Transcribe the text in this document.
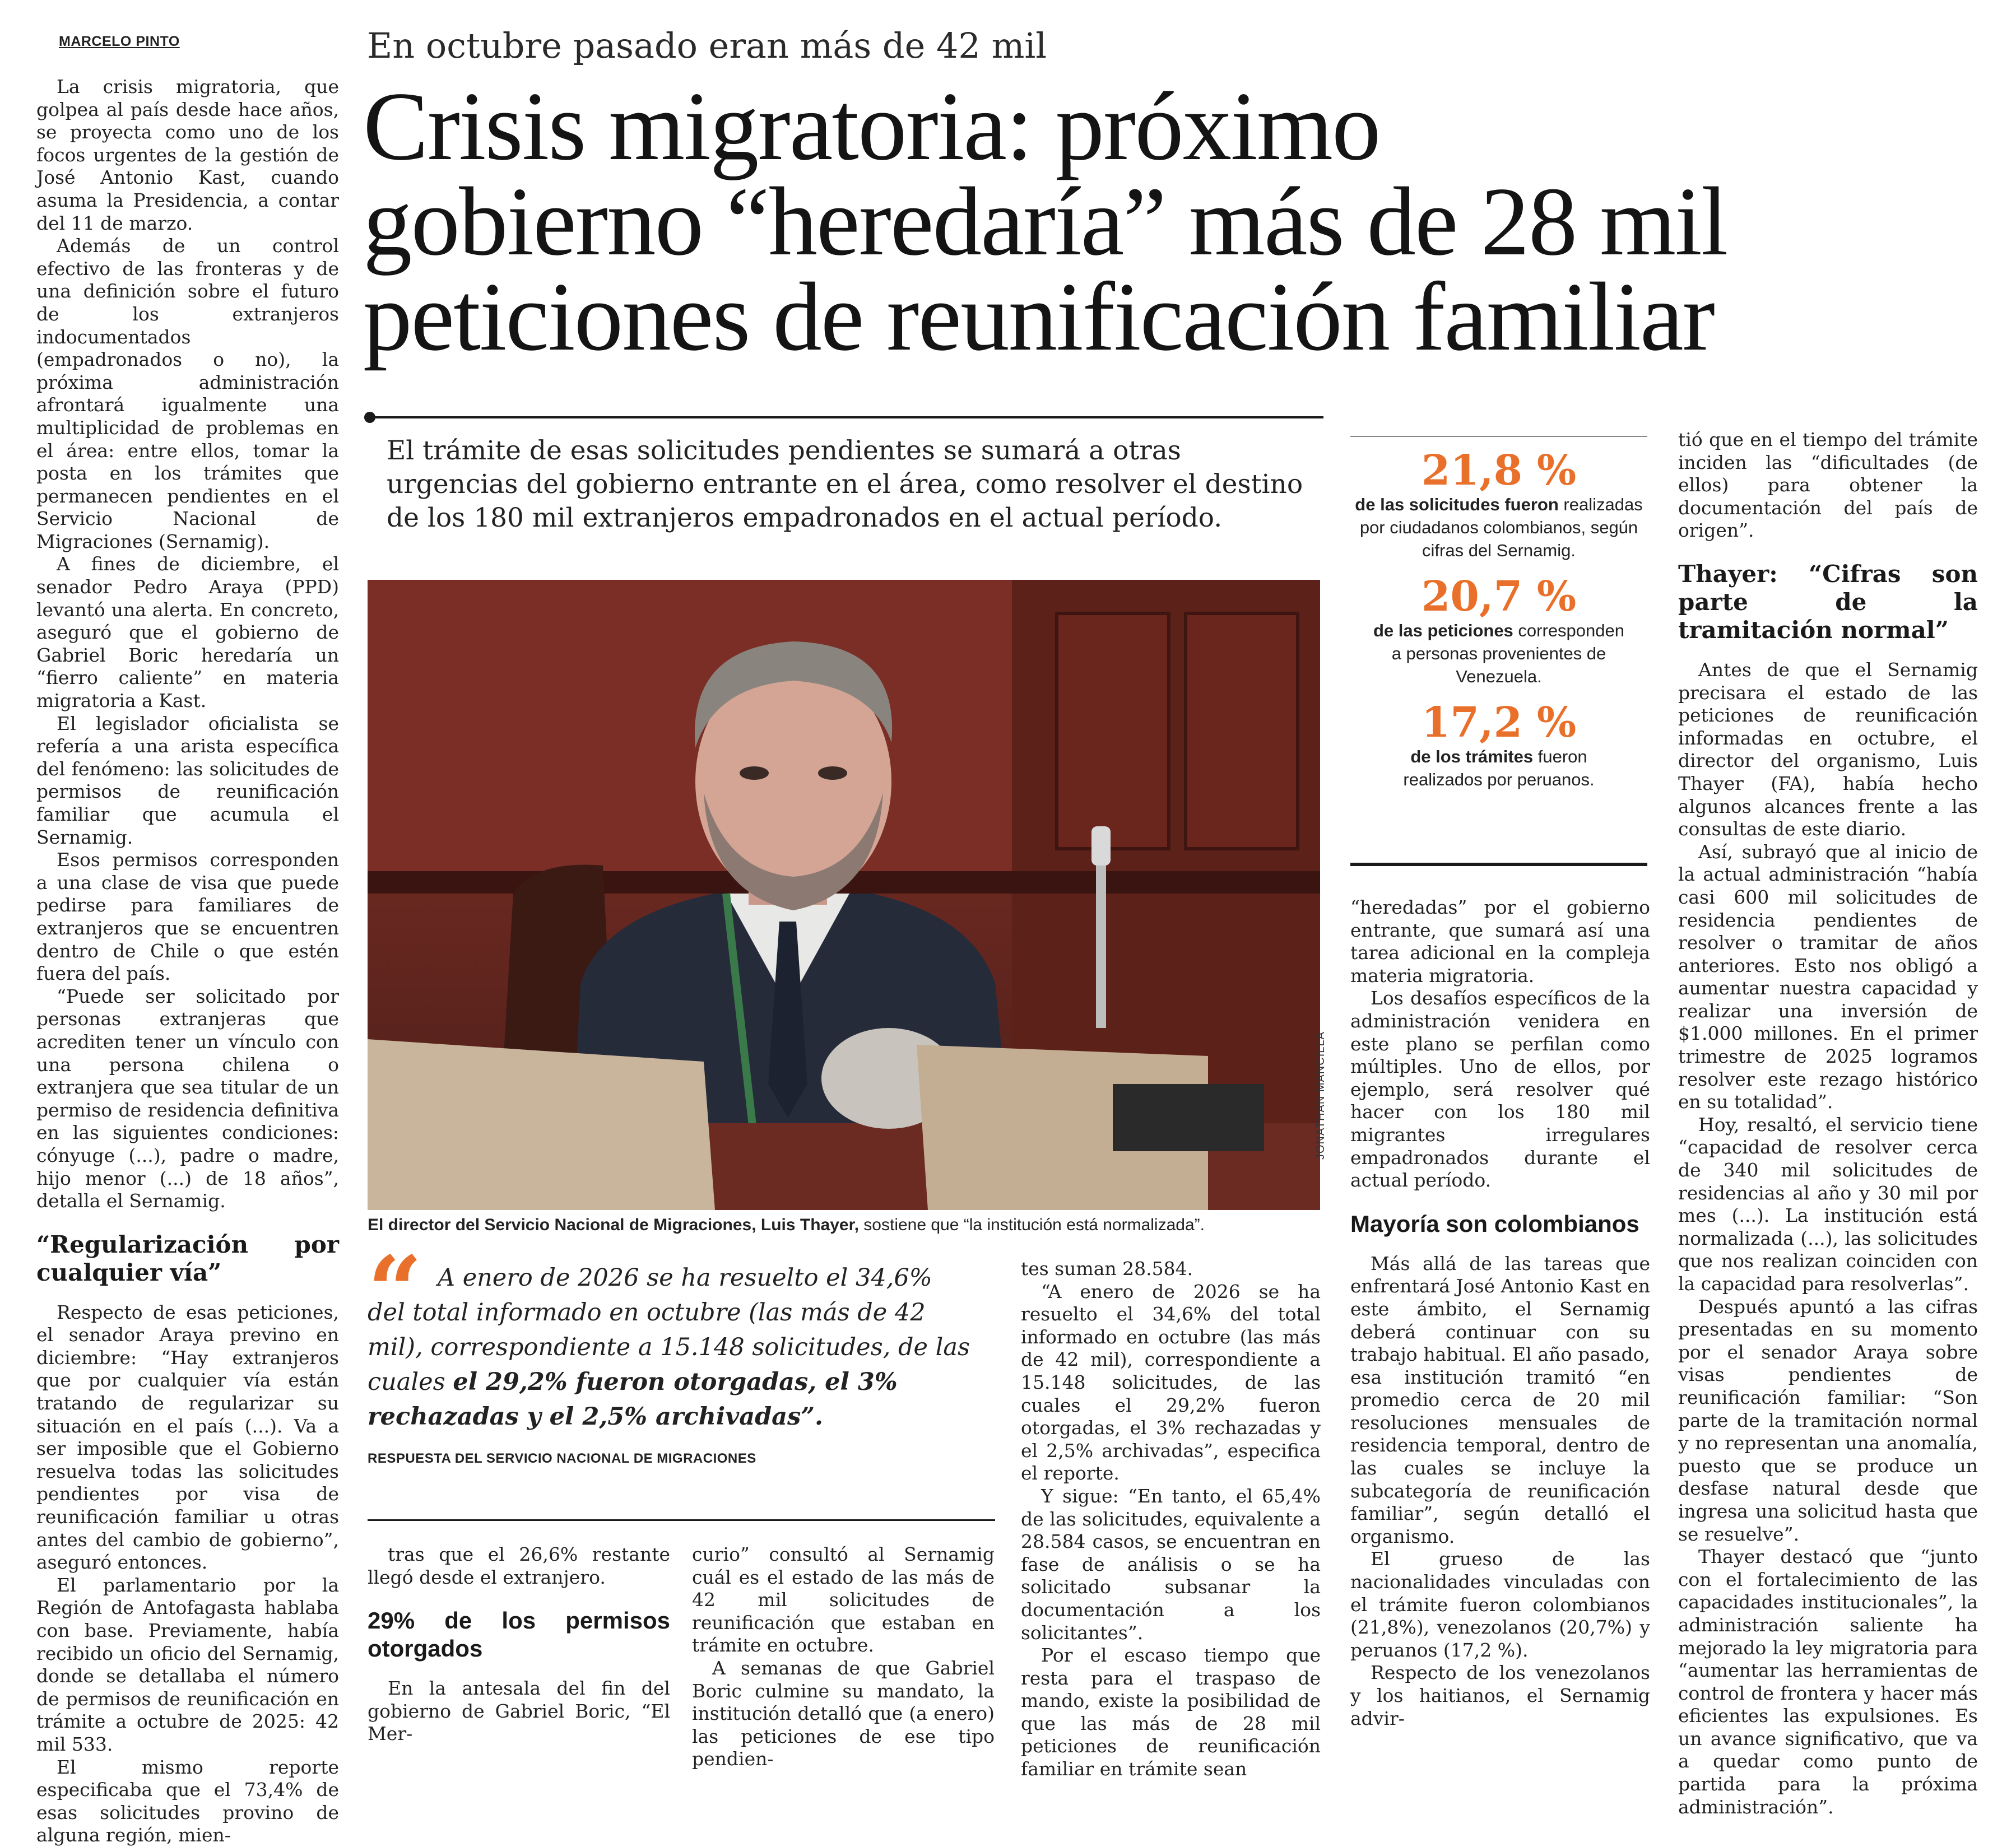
MARCELO PINTO	En octubre pasado eran más de 42 mil
Crisis migratoria: próximo
gobierno “heredaría” más de 28 mil
peticiones de reunificación familiar
El trámite de esas solicitudes pendientes se sumará a otras
urgencias del gobierno entrante en el área, como resolver el destino
de los 180 mil extranjeros empadronados en el actual período.
JONATHAN MANCILLA
El director del Servicio Nacional de Migraciones, Luis Thayer, sostiene que “la institución está normalizada”.
“ A enero de 2026 se ha resuelto el 34,6% del total informado en octubre (las más de 42 mil), correspondiente a 15.148 solicitudes, de las cuales el 29,2% fueron otorgadas, el 3% rechazadas y el 2,5% archivadas”.
RESPUESTA DEL SERVICIO NACIONAL DE MIGRACIONES

La crisis migratoria, que golpea al país desde hace años, se proyecta como uno de los focos urgentes de la gestión de José Antonio Kast, cuando asuma la Presidencia, a contar del 11 de marzo.

Además de un control efectivo de las fronteras y de una definición sobre el futuro de los extranjeros indocumentados (empadronados o no), la próxima administración afrontará igualmente una multiplicidad de problemas en el área: entre ellos, tomar la posta en los trámites que permanecen pendientes en el Servicio Nacional de Migraciones (Sernamig).

A fines de diciembre, el senador Pedro Araya (PPD) levantó una alerta. En concreto, aseguró que el gobierno de Gabriel Boric heredaría un “fierro caliente” en materia migratoria a Kast.

El legislador oficialista se refería a una arista específica del fenómeno: las solicitudes de permisos de reunificación familiar que acumula el Sernamig.

Esos permisos corresponden a una clase de visa que puede pedirse para familiares de extranjeros que se encuentren dentro de Chile o que estén fuera del país.

“Puede ser solicitado por personas extranjeras que acrediten tener un vínculo con una persona chilena o extranjera que sea titular de un permiso de residencia definitiva en las siguientes condiciones: cónyuge (...), padre o madre, hijo menor (...) de 18 años”, detalla el Sernamig.

“Regularización por cualquier vía”

Respecto de esas peticiones, el senador Araya previno en diciembre: “Hay extranjeros que por cualquier vía están tratando de regularizar su situación en el país (...). Va a ser imposible que el Gobierno resuelva todas las solicitudes pendientes por visa de reunificación familiar u otras antes del cambio de gobierno”, aseguró entonces.

El parlamentario por la Región de Antofagasta hablaba con base. Previamente, había recibido un oficio del Sernamig, donde se detallaba el número de permisos de reunificación en trámite a octubre de 2025: 42 mil 533.

El mismo reporte especificaba que el 73,4% de esas solicitudes provino de alguna región, mien-

tras que el 26,6% restante llegó desde el extranjero.

29% de los permisos otorgados

En la antesala del fin del gobierno de Gabriel Boric, “El Mer-

curio” consultó al Sernamig cuál es el estado de las más de 42 mil solicitudes de reunificación que estaban en trámite en octubre.

A semanas de que Gabriel Boric culmine su mandato, la institución detalló que (a enero) las peticiones de ese tipo pendien-

tes suman 28.584.

“A enero de 2026 se ha resuelto el 34,6% del total informado en octubre (las más de 42 mil), correspondiente a 15.148 solicitudes, de las cuales el 29,2% fueron otorgadas, el 3% rechazadas y el 2,5% archivadas”, especifica el reporte.

Y sigue: “En tanto, el 65,4% de las solicitudes, equivalente a 28.584 casos, se encuentran en fase de análisis o se ha solicitado subsanar la documentación a los solicitantes”.

Por el escaso tiempo que resta para el traspaso de mando, existe la posibilidad de que las más de 28 mil peticiones de reunificación familiar en trámite sean

21,8 %
de las solicitudes fueron realizadas por ciudadanos colombianos, según cifras del Sernamig.
20,7 %
de las peticiones corresponden a personas provenientes de Venezuela.
17,2 %
de los trámites fueron realizados por peruanos.

“heredadas” por el gobierno entrante, que sumará así una tarea adicional en la compleja materia migratoria.

Los desafíos específicos de la administración venidera en este plano se perfilan como múltiples. Uno de ellos, por ejemplo, será resolver qué hacer con los 180 mil migrantes irregulares empadronados durante el actual período.

Mayoría son colombianos

Más allá de las tareas que enfrentará José Antonio Kast en este ámbito, el Sernamig deberá continuar con su trabajo habitual. El año pasado, esa institución tramitó “en promedio cerca de 20 mil resoluciones mensuales de residencia temporal, dentro de las cuales se incluye la subcategoría de reunificación familiar”, según detalló el organismo.

El grueso de las nacionalidades vinculadas con el trámite fueron colombianos (21,8%), venezolanos (20,7%) y peruanos (17,2 %).

Respecto de los venezolanos y los haitianos, el Sernamig advir-

tió que en el tiempo del trámite inciden las “dificultades (de ellos) para obtener la documentación del país de origen”.

Thayer: “Cifras son parte de la tramitación normal”

Antes de que el Sernamig precisara el estado de las peticiones de reunificación informadas en octubre, el director del organismo, Luis Thayer (FA), había hecho algunos alcances frente a las consultas de este diario.

Así, subrayó que al inicio de la actual administración “había casi 600 mil solicitudes de residencia pendientes de resolver o tramitar de años anteriores. Esto nos obligó a aumentar nuestra capacidad y realizar una inversión de $1.000 millones. En el primer trimestre de 2025 logramos resolver este rezago histórico en su totalidad”.

Hoy, resaltó, el servicio tiene “capacidad de resolver cerca de 340 mil solicitudes de residencias al año y 30 mil por mes (...). La institución está normalizada (...), las solicitudes que nos realizan coinciden con la capacidad para resolverlas”.

Después apuntó a las cifras presentadas en su momento por el senador Araya sobre visas pendientes de reunificación familiar: “Son parte de la tramitación normal y no representan una anomalía, puesto que se produce un desfase natural desde que ingresa una solicitud hasta que se resuelve”.

Thayer destacó que “junto con el fortalecimiento de las capacidades institucionales”, la administración saliente ha mejorado la ley migratoria para “aumentar las herramientas de control de frontera y hacer más eficientes las expulsiones. Es un avance significativo, que va a quedar como punto de partida para la próxima administración”.
